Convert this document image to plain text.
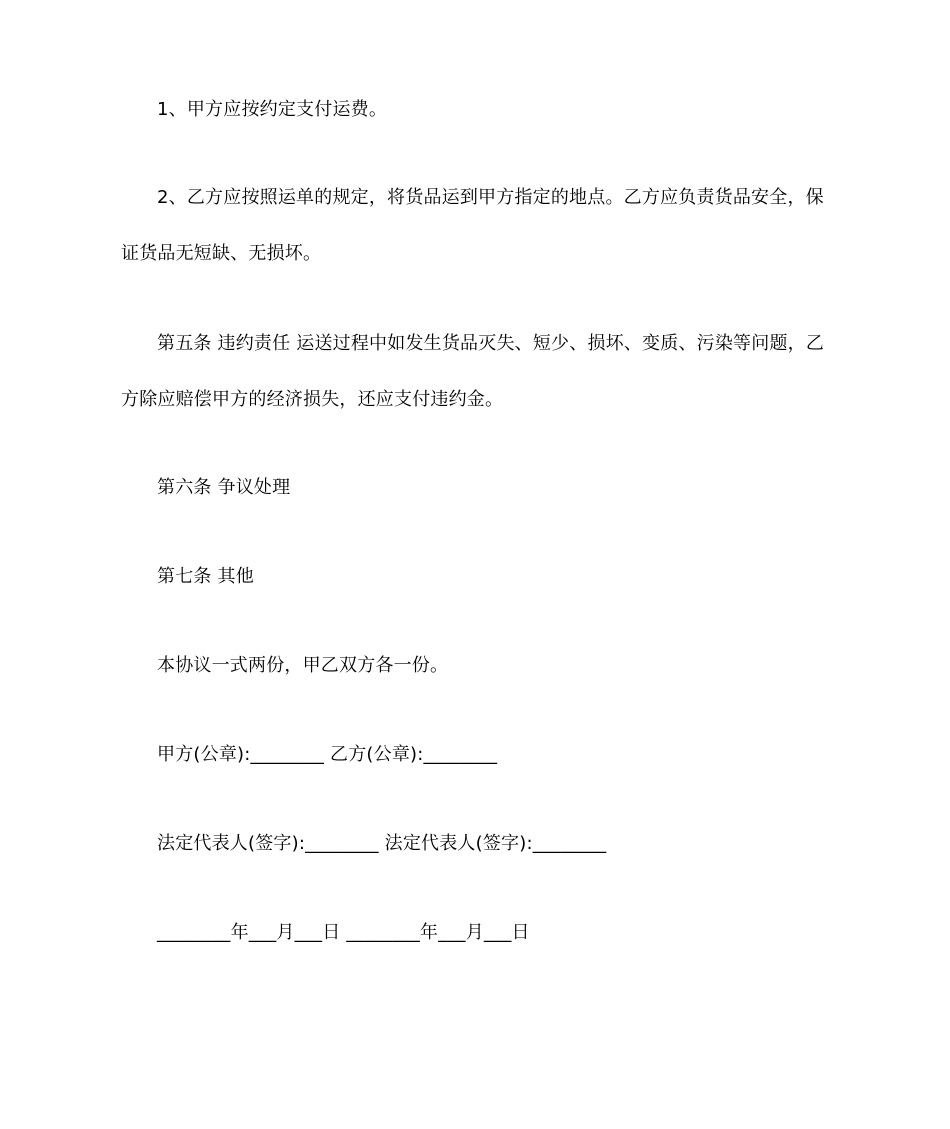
1、甲方应按约定支付运费。
2、乙方应按照运单的规定，将货品运到甲方指定的地点。乙方应负责货品安全，保
证货品无短缺、无损坏。
第五条 违约责任 运送过程中如发生货品灭失、短少、损坏、变质、污染等问题，乙
方除应赔偿甲方的经济损失，还应支付违约金。
第六条 争议处理
第七条 其他
本协议一式两份，甲乙双方各一份。
甲方(公章):________ 乙方(公章):________
法定代表人(签字):________ 法定代表人(签字):________
________年___月___日 ________年___月___日
